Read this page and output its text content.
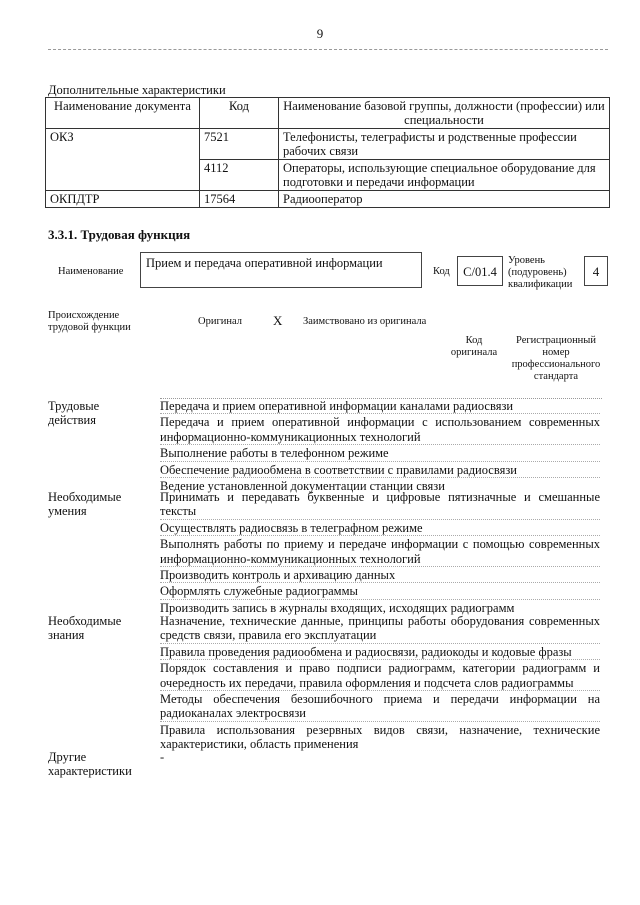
9
Дополнительные характеристики
Наименование документа	Код	Наименование базовой группы, должности (профессии) или специальности
ОКЗ	7521	Телефонисты, телеграфисты и родственные профессии рабочих связи
	4112	Операторы, использующие специальное оборудование для подготовки и передачи информации
ОКПДТР	17564	Радиооператор
3.3.1. Трудовая функция
Наименование
Прием и передача оперативной информации
Код	C/01.4
Уровень (подуровень) квалификации
4
Происхождение трудовой функции
Оригинал X Заимствовано из оригинала
Код оригинала
Регистрационный номер профессионального стандарта
Трудовые действия
Передача и прием оперативной информации каналами радиосвязи
Передача и прием оперативной информации с использованием современных информационно-коммуникационных технологий
Выполнение работы в телефонном режиме
Обеспечение радиообмена в соответствии с правилами радиосвязи
Ведение установленной документации станции связи
Необходимые умения
Принимать и передавать буквенные и цифровые пятизначные и смешанные тексты
Осуществлять радиосвязь в телеграфном режиме
Выполнять работы по приему и передаче информации с помощью современных информационно-коммуникационных технологий
Производить контроль и архивацию данных
Оформлять служебные радиограммы
Производить запись в журналы входящих, исходящих радиограмм
Необходимые знания
Назначение, технические данные, принципы работы оборудования современных средств связи, правила его эксплуатации
Правила проведения радиообмена и радиосвязи, радиокоды и кодовые фразы
Порядок составления и право подписи радиограмм, категории радиограмм и очередность их передачи, правила оформления и подсчета слов радиограммы
Методы обеспечения безошибочного приема и передачи информации на радиоканалах электросвязи
Правила использования резервных видов связи, назначение, технические характеристики, область применения
Другие характеристики
-
